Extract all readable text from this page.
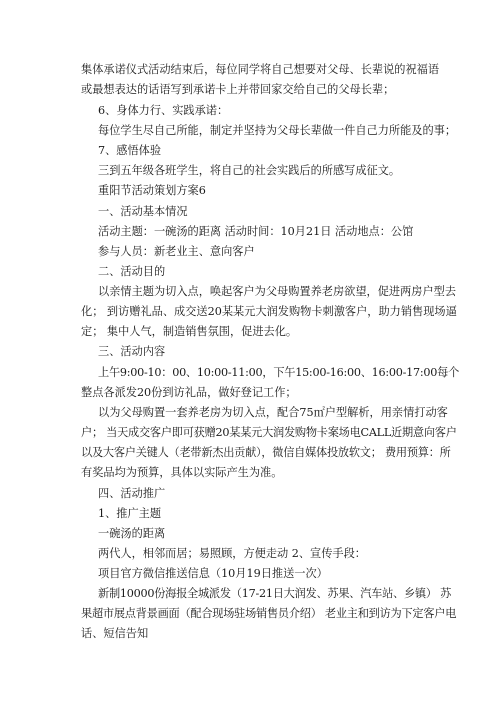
集体承诺仪式活动结束后，每位同学将自己想要对父母、长辈说的祝福语
或最想表达的话语写到承诺卡上并带回家交给自己的父母长辈；
6、身体力行、实践承诺：
每位学生尽自己所能，制定并坚持为父母长辈做一件自己力所能及的事；
7、感悟体验
三到五年级各班学生，将自己的社会实践后的所感写成征文。
重阳节活动策划方案6
一、活动基本情况
活动主题：一碗汤的距离 活动时间：10月21日 活动地点：公馆
参与人员：新老业主、意向客户
二、活动目的
以亲情主题为切入点，唤起客户为父母购置养老房欲望，促进两房户型去
化； 到访赠礼品、成交送20某某元大润发购物卡刺激客户，助力销售现场逼
定； 集中人气，制造销售氛围，促进去化。
三、活动内容
上午9:00-10：00、10:00-11:00，下午15:00-16:00、16:00-17:00每个
整点各派发20份到访礼品，做好登记工作；
以为父母购置一套养老房为切入点，配合75㎡户型解析，用亲情打动客
户； 当天成交客户即可获赠20某某元大润发购物卡案场电CALL近期意向客户
以及大客户关键人（老带新杰出贡献），微信自媒体投放软文； 费用预算：所
有奖品均为预算，具体以实际产生为准。
四、活动推广
1、推广主题
一碗汤的距离
两代人，相邻而居；易照顾，方便走动 2、宣传手段：
项目官方微信推送信息（10月19日推送一次）
新制10000份海报全城派发（17-21日大润发、苏果、汽车站、乡镇） 苏
果超市展点背景画面（配合现场驻场销售员介绍） 老业主和到访为下定客户电
话、短信告知
